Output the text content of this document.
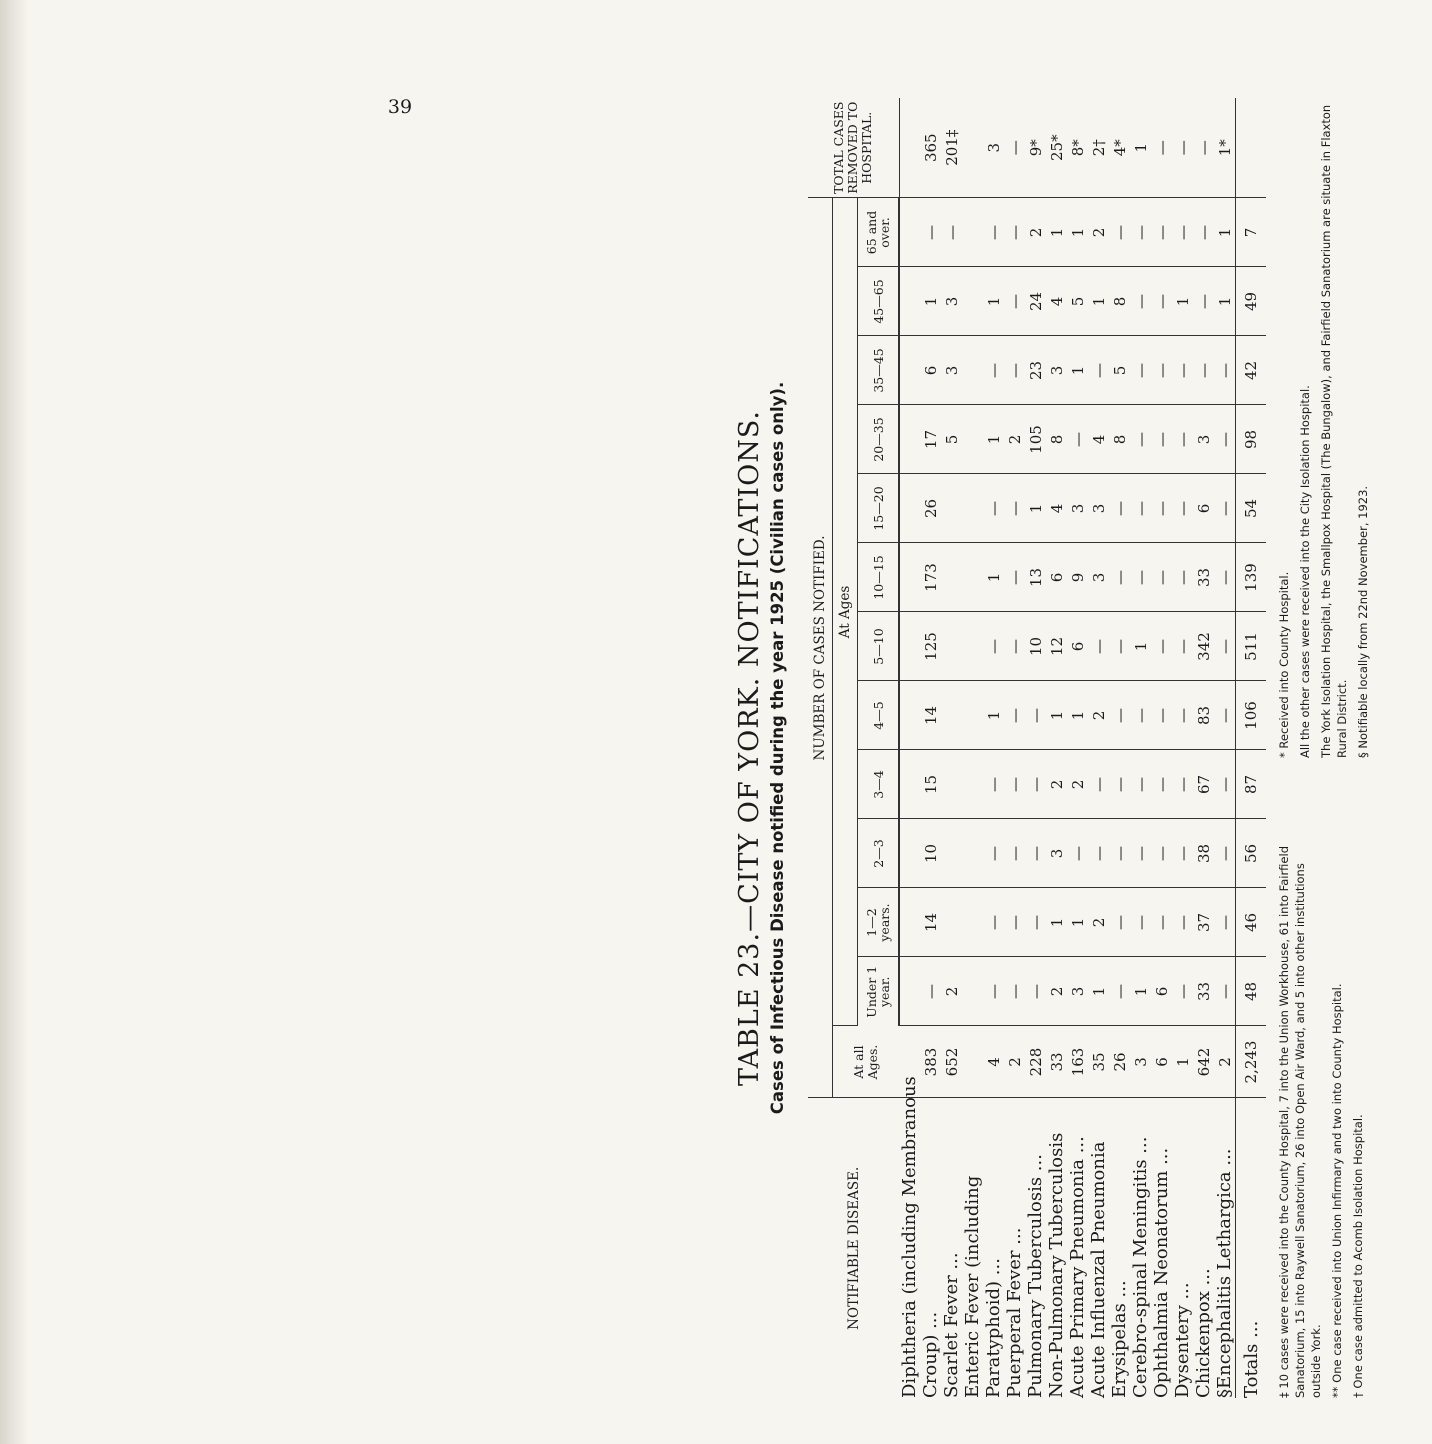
39
TABLE 23.—CITY OF YORK. NOTIFICATIONS. Cases of Infectious Disease notified during the year 1925 (Civilian cases only).
NOTIFIABLE DISEASE.	NUMBER OF CASES NOTIFIED.													TOTAL CASES REMOVED TO HOSPITAL.
	At all Ages.	At Ages												
		Under 1 year.	1—2 years.	2—3	3—4	4—5	5—10	10—15	15—20	20—35	35—45	45—65	65 and over.	
Diphtheria (including Membranous														
Croup) ...	383	—	14	10	15	14	125	173	26	17	6	1	—	365
Scarlet Fever ...	652	2								5	3	3	—	201‡
Enteric Fever (including														
Paratyphoid) ...	4	—	—	—	—	1	—	1	—	1	—	1	—	3
Puerperal Fever ...	2	—	—	—	—	—	—	—	—	2	—	—	—	—
Pulmonary Tuberculosis ...	228	—	—	—	—	—	10	13	1	105	23	24	2	9*
Non-Pulmonary Tuberculosis	33	2	1	3	2	1	12	6	4	8	3	4	1	25*
Acute Primary Pneumonia ...	163	3	1	—	2	1	6	9	3	—	1	5	1	8*
Acute Influenzal Pneumonia	35	1	2	—	—	2	—	3	3	4	—	1	2	2†
Erysipelas ...	26	—	—	—	—	—	—	—	—	8	5	8	—	4*
Cerebro-spinal Meningitis ...	3	1	—	—	—	—	1	—	—	—	—	—	—	1
Ophthalmia Neonatorum ...	6	6	—	—	—	—	—	—	—	—	—	—	—	—
Dysentery ...	1	—	—	—	—	—	—	—	—	—	—	1	—	—
Chickenpox ...	642	33	37	38	67	83	342	33	6	3	—	—	—	—
§Encephalitis Lethargica ...	2	—	—	—	—	—	—	—	—	—	—	1	1	1*
Totals ...	2,243	48	46	56	87	106	511	139	54	98	42	49	7	

‡ 10 cases were received into the County Hospital, 7 into the Union Workhouse, 61 into Fairfield Sanatorium, 15 into Raywell Sanatorium, 26 into Open Air Ward, and 5 into other institutions outside York. ** One case received into Union Infirmary and two into County Hospital. † One case admitted to Acomb Isolation Hospital.

* Received into County Hospital. All the other cases were received into the City Isolation Hospital. The York Isolation Hospital, the Smallpox Hospital (The Bungalow), and Fairfield Sanatorium are situate in Flaxton Rural District. § Notifiable locally from 22nd November, 1923.
